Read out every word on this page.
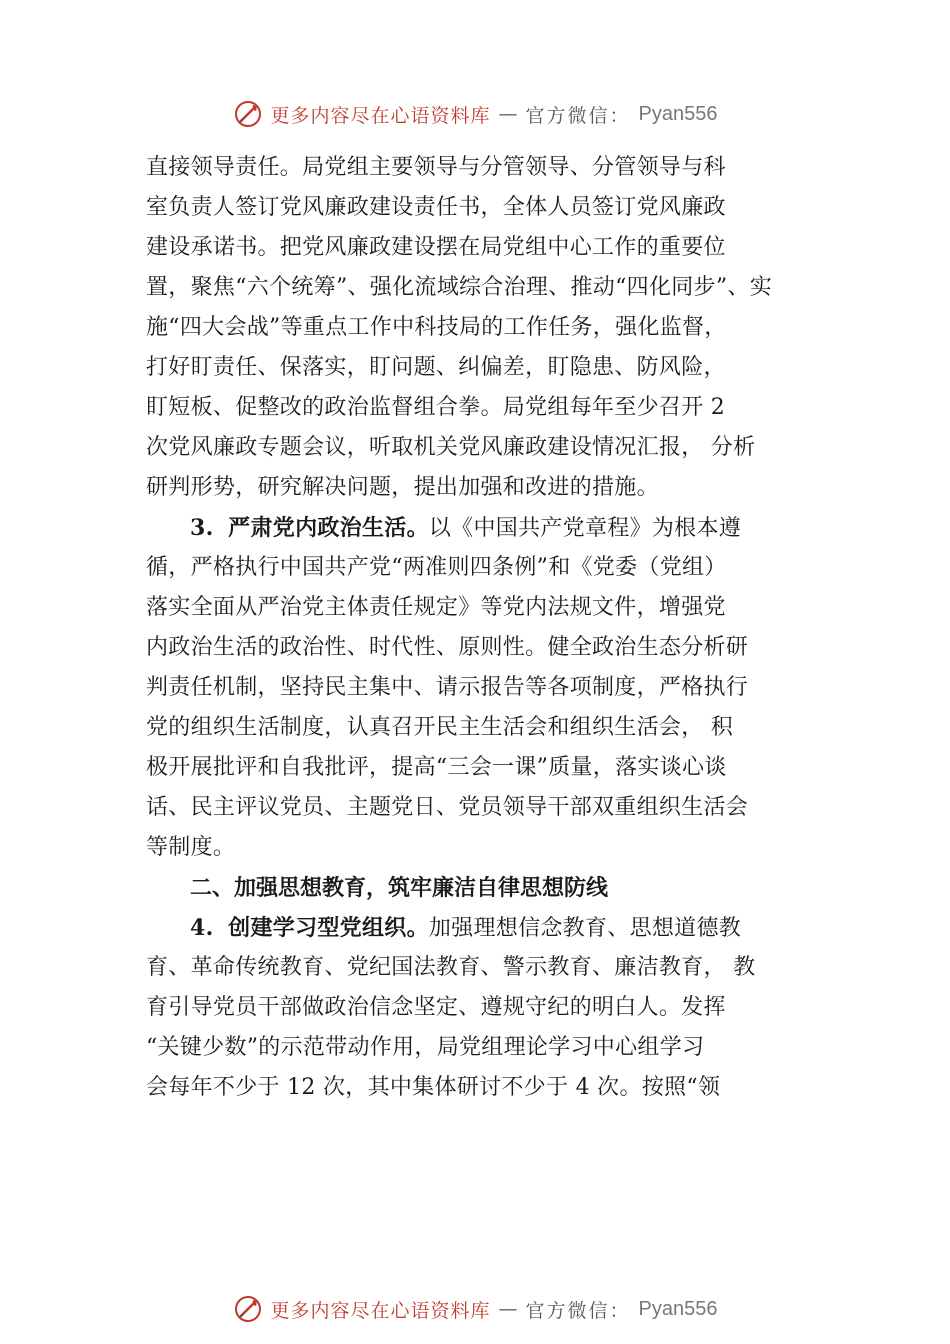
更多内容尽在心语资料库 — 官方微信： Pyan556
直接领导责任。局党组主要领导与分管领导、分管领导与科
室负责人签订党风廉政建设责任书，全体人员签订党风廉政
建设承诺书。把党风廉政建设摆在局党组中心工作的重要位
置，聚焦“六个统筹”、强化流域综合治理、推动“四化同步”、实
施“四大会战”等重点工作中科技局的工作任务，强化监督，
打好盯责任、保落实，盯问题、纠偏差，盯隐患、防风险，
盯短板、促整改的政治监督组合拳。局党组每年至少召开 2
次党风廉政专题会议，听取机关党风廉政建设情况汇报， 分析
研判形势，研究解决问题，提出加强和改进的措施。
3. 严肃党内政治生活。以《中国共产党章程》为根本遵
循，严格执行中国共产党“两准则四条例”和《党委（党组）
落实全面从严治党主体责任规定》等党内法规文件，增强党
内政治生活的政治性、时代性、原则性。健全政治生态分析研
判责任机制，坚持民主集中、请示报告等各项制度，严格执行
党的组织生活制度，认真召开民主生活会和组织生活会， 积
极开展批评和自我批评，提高“三会一课”质量，落实谈心谈
话、民主评议党员、主题党日、党员领导干部双重组织生活会
等制度。
二、加强思想教育，筑牢廉洁自律思想防线
4. 创建学习型党组织。加强理想信念教育、思想道德教
育、革命传统教育、党纪国法教育、警示教育、廉洁教育， 教
育引导党员干部做政治信念坚定、遵规守纪的明白人。发挥
“关键少数”的示范带动作用，局党组理论学习中心组学习
会每年不少于 12 次，其中集体研讨不少于 4 次。按照“领
更多内容尽在心语资料库 — 官方微信： Pyan556
